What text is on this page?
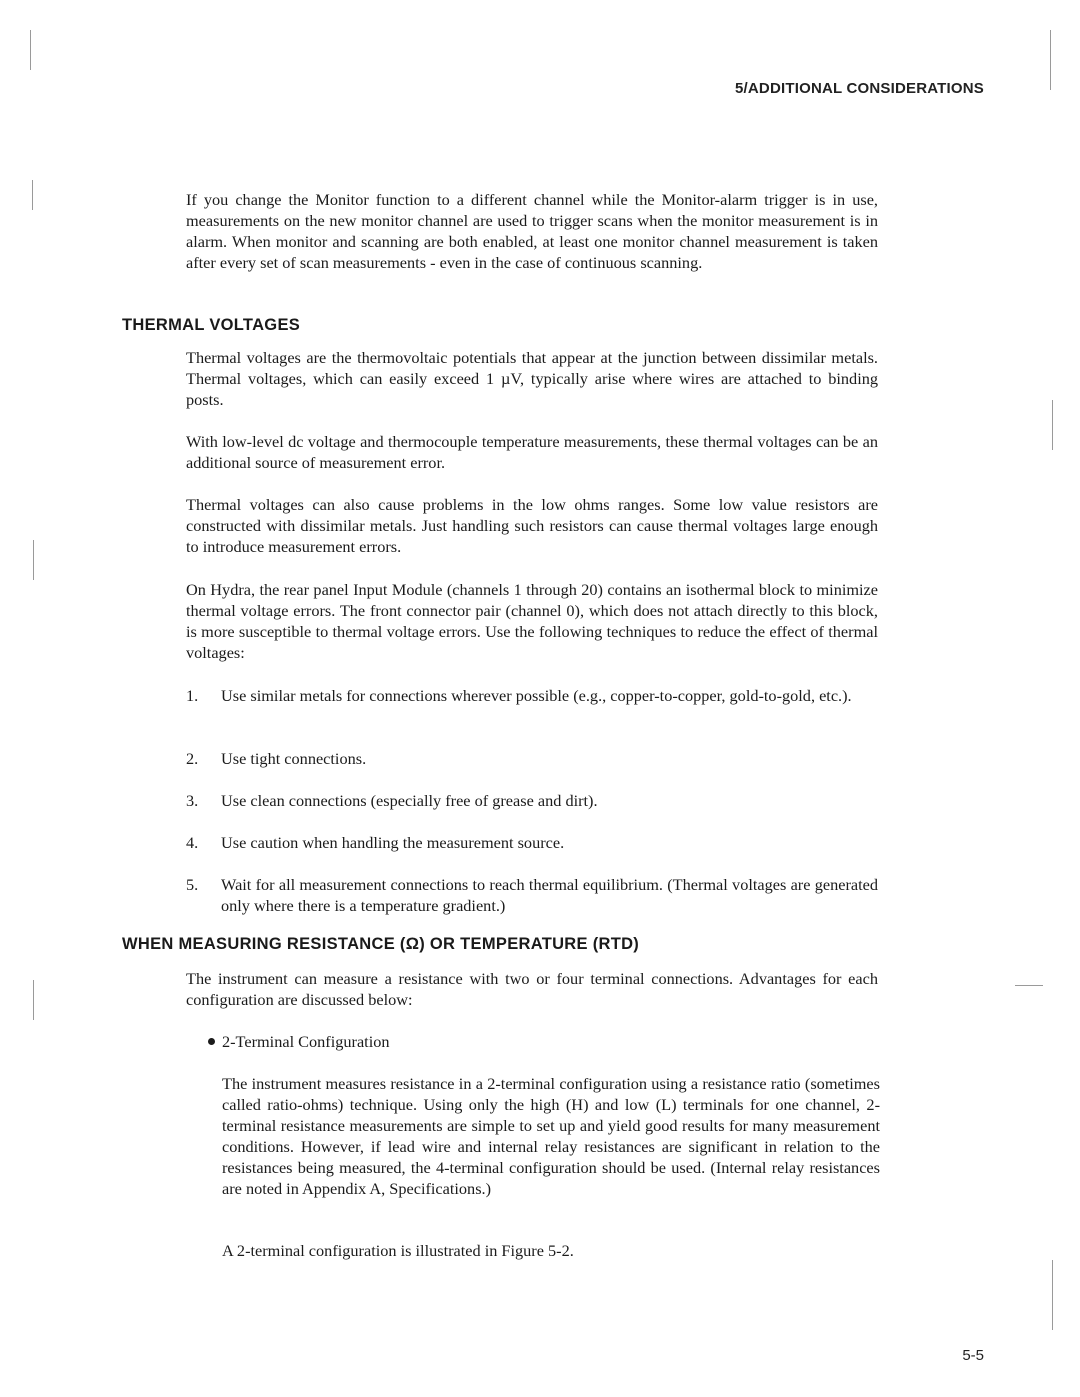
5/ADDITIONAL CONSIDERATIONS

If you change the Monitor function to a different channel while the Monitor-alarm trigger is in use, measurements on the new monitor channel are used to trigger scans when the monitor measurement is in alarm. When monitor and scanning are both enabled, at least one monitor channel measurement is taken after every set of scan measurements - even in the case of continuous scanning.

THERMAL VOLTAGES

Thermal voltages are the thermovoltaic potentials that appear at the junction between dissimilar metals. Thermal voltages, which can easily exceed 1 µV, typically arise where wires are attached to binding posts.

With low-level dc voltage and thermocouple temperature measurements, these thermal voltages can be an additional source of measurement error.

Thermal voltages can also cause problems in the low ohms ranges. Some low value resistors are constructed with dissimilar metals. Just handling such resistors can cause thermal voltages large enough to introduce measurement errors.

On Hydra, the rear panel Input Module (channels 1 through 20) contains an isothermal block to minimize thermal voltage errors. The front connector pair (channel 0), which does not attach directly to this block, is more susceptible to thermal voltage errors. Use the following techniques to reduce the effect of thermal voltages:

1.	Use similar metals for connections wherever possible (e.g., copper-to-copper, gold-to-gold, etc.).
2.	Use tight connections.
3.	Use clean connections (especially free of grease and dirt).
4.	Use caution when handling the measurement source.
5.	Wait for all measurement connections to reach thermal equilibrium. (Thermal voltages are generated only where there is a temperature gradient.)
WHEN MEASURING RESISTANCE (Ω) OR TEMPERATURE (RTD)

The instrument can measure a resistance with two or four terminal connections. Advantages for each configuration are discussed below:

2-Terminal Configuration

The instrument measures resistance in a 2-terminal configuration using a resistance ratio (sometimes called ratio-ohms) technique. Using only the high (H) and low (L) terminals for one channel, 2-terminal resistance measurements are simple to set up and yield good results for many measurement conditions. However, if lead wire and internal relay resistances are significant in relation to the resistances being measured, the 4-terminal configuration should be used. (Internal relay resistances are noted in Appendix A, Specifications.)

A 2-terminal configuration is illustrated in Figure 5-2.

5-5
